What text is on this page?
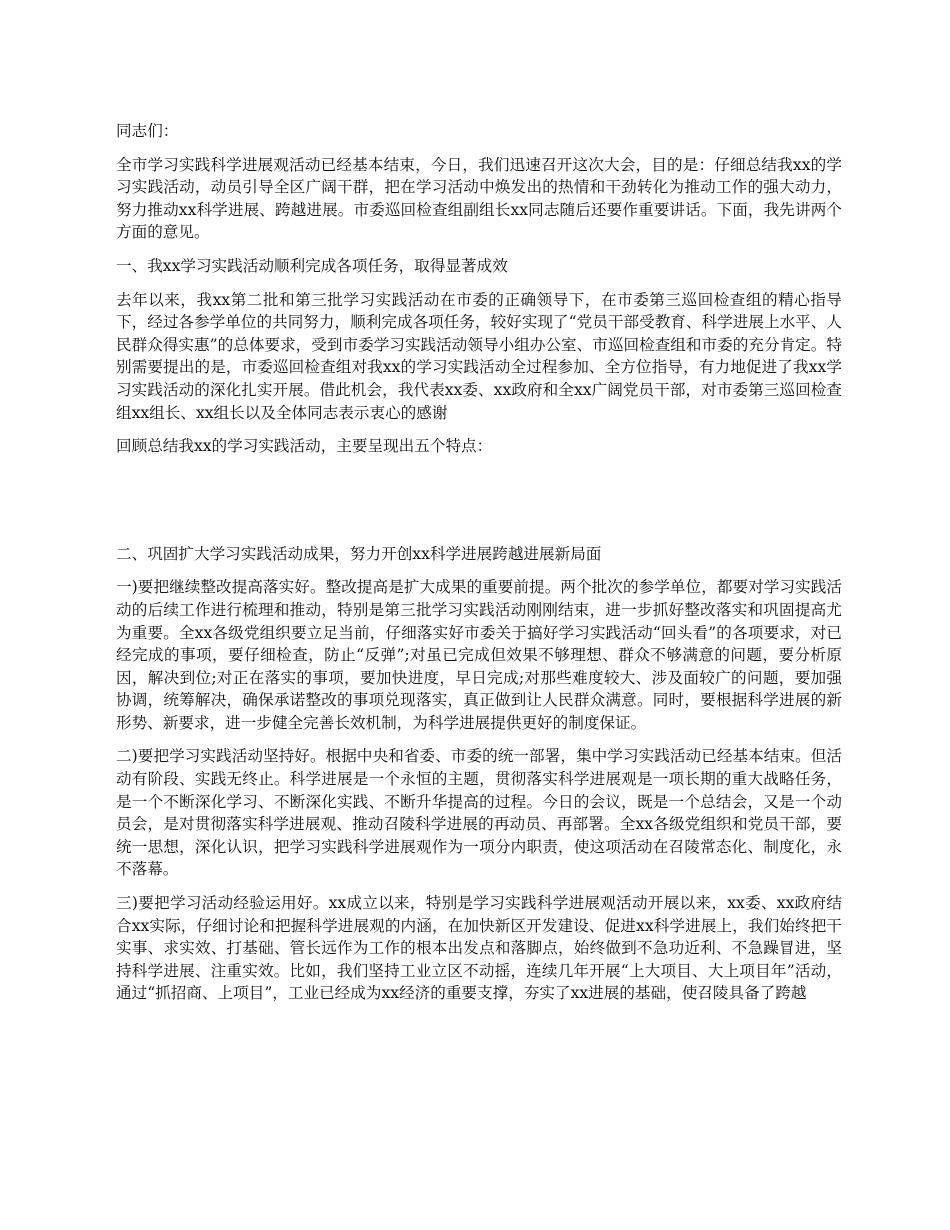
同志们：

全市学习实践科学进展观活动已经基本结束，今日，我们迅速召开这次大会，目的是：仔细总结我xx的学习实践活动，动员引导全区广阔干群，把在学习活动中焕发出的热情和干劲转化为推动工作的强大动力，努力推动xx科学进展、跨越进展。市委巡回检查组副组长xx同志随后还要作重要讲话。下面，我先讲两个方面的意见。

一、我xx学习实践活动顺利完成各项任务，取得显著成效

去年以来，我xx第二批和第三批学习实践活动在市委的正确领导下，在市委第三巡回检查组的精心指导下，经过各参学单位的共同努力，顺利完成各项任务，较好实现了“党员干部受教育、科学进展上水平、人民群众得实惠”的总体要求，受到市委学习实践活动领导小组办公室、市巡回检查组和市委的充分肯定。特别需要提出的是，市委巡回检查组对我xx的学习实践活动全过程参加、全方位指导，有力地促进了我xx学习实践活动的深化扎实开展。借此机会，我代表xx委、xx政府和全xx广阔党员干部，对市委第三巡回检查组xx组长、xx组长以及全体同志表示衷心的感谢

回顾总结我xx的学习实践活动，主要呈现出五个特点：

二、巩固扩大学习实践活动成果，努力开创xx科学进展跨越进展新局面

一)要把继续整改提高落实好。整改提高是扩大成果的重要前提。两个批次的参学单位，都要对学习实践活动的后续工作进行梳理和推动，特别是第三批学习实践活动刚刚结束，进一步抓好整改落实和巩固提高尤为重要。全xx各级党组织要立足当前，仔细落实好市委关于搞好学习实践活动“回头看”的各项要求，对已经完成的事项，要仔细检查，防止“反弹”;对虽已完成但效果不够理想、群众不够满意的问题，要分析原因，解决到位;对正在落实的事项，要加快进度，早日完成;对那些难度较大、涉及面较广的问题，要加强协调，统筹解决，确保承诺整改的事项兑现落实，真正做到让人民群众满意。同时，要根据科学进展的新形势、新要求，进一步健全完善长效机制，为科学进展提供更好的制度保证。

二)要把学习实践活动坚持好。根据中央和省委、市委的统一部署，集中学习实践活动已经基本结束。但活动有阶段、实践无终止。科学进展是一个永恒的主题，贯彻落实科学进展观是一项长期的重大战略任务，是一个不断深化学习、不断深化实践、不断升华提高的过程。今日的会议，既是一个总结会，又是一个动员会，是对贯彻落实科学进展观、推动召陵科学进展的再动员、再部署。全xx各级党组织和党员干部，要统一思想，深化认识，把学习实践科学进展观作为一项分内职责，使这项活动在召陵常态化、制度化，永不落幕。

三)要把学习活动经验运用好。xx成立以来，特别是学习实践科学进展观活动开展以来，xx委、xx政府结合xx实际，仔细讨论和把握科学进展观的内涵，在加快新区开发建设、促进xx科学进展上，我们始终把干实事、求实效、打基础、管长远作为工作的根本出发点和落脚点，始终做到不急功近利、不急躁冒进，坚持科学进展、注重实效。比如，我们坚持工业立区不动摇，连续几年开展“上大项目、大上项目年”活动，通过“抓招商、上项目”，工业已经成为xx经济的重要支撑，夯实了xx进展的基础，使召陵具备了跨越
